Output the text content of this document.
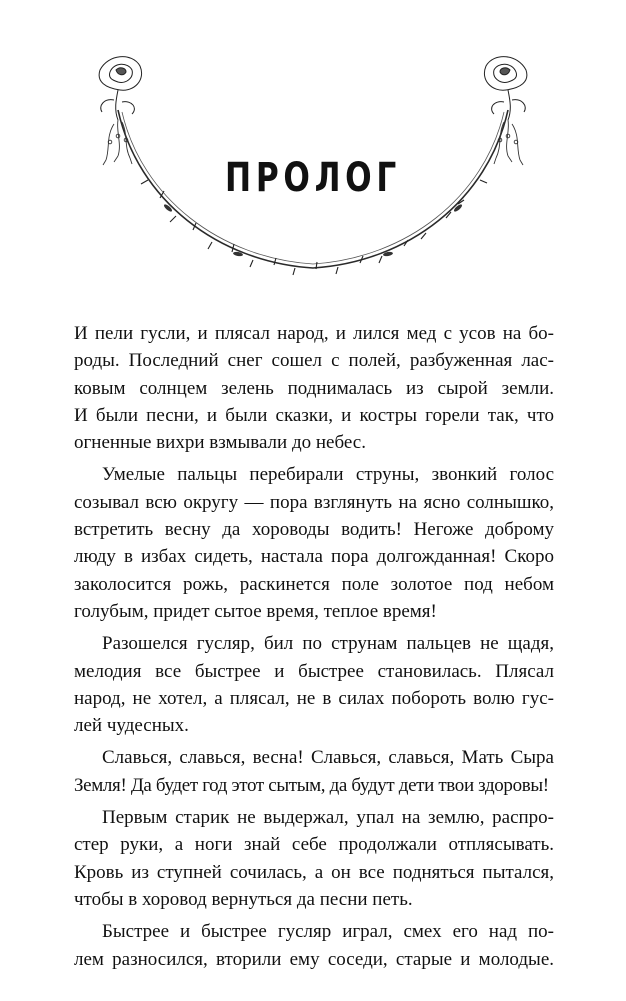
ПРОЛОГ
И пели гусли, и плясал народ, и лился мед с усов на бо-
роды. Последний снег сошел с полей, разбуженная лас-
ковым солнцем зелень поднималась из сырой земли.
И были песни, и были сказки, и костры горели так, что
огненные вихри взмывали до небес.
Умелые пальцы перебирали струны, звонкий голос
созывал всю округу — пора взглянуть на ясно солнышко,
встретить весну да хороводы водить! Негоже доброму
люду в избах сидеть, настала пора долгожданная! Скоро
заколосится рожь, раскинется поле золотое под небом
голубым, придет сытое время, теплое время!
Разошелся гусляр, бил по струнам пальцев не щадя,
мелодия все быстрее и быстрее становилась. Плясал
народ, не хотел, а плясал, не в силах побороть волю гус-
лей чудесных.
Славься, славься, весна! Славься, славься, Мать Сыра
Земля! Да будет год этот сытым, да будут дети твои здоровы!
Первым старик не выдержал, упал на землю, распро-
стер руки, а ноги знай себе продолжали отплясывать.
Кровь из ступней сочилась, а он все подняться пытался,
чтобы в хоровод вернуться да песни петь.
Быстрее и быстрее гусляр играл, смех его над по-
лем разносился, вторили ему соседи, старые и молодые.
